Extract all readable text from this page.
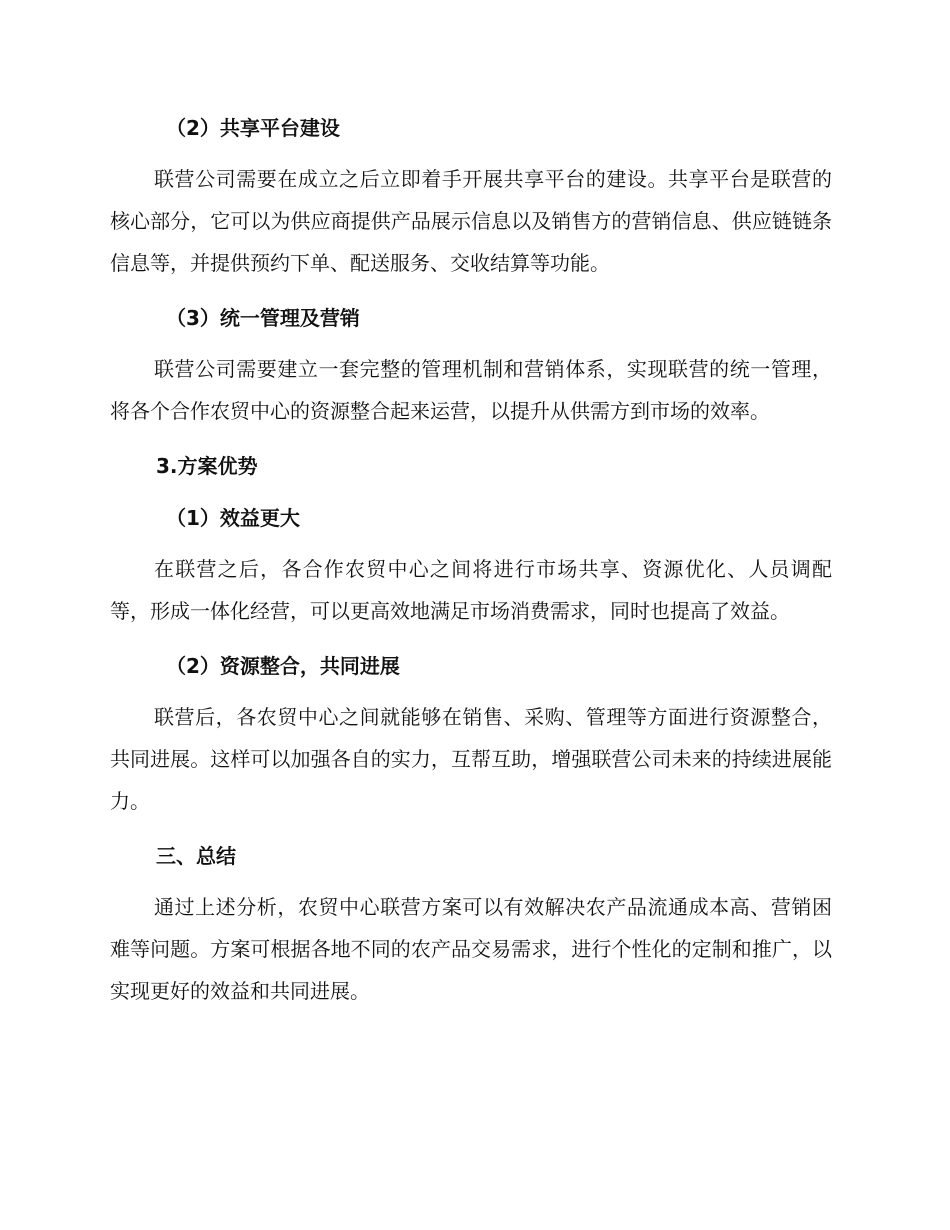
（2）共享平台建设

联营公司需要在成立之后立即着手开展共享平台的建设。共享平台是联营的核心部分，它可以为供应商提供产品展示信息以及销售方的营销信息、供应链链条信息等，并提供预约下单、配送服务、交收结算等功能。

（3）统一管理及营销

联营公司需要建立一套完整的管理机制和营销体系，实现联营的统一管理，将各个合作农贸中心的资源整合起来运营，以提升从供需方到市场的效率。

3.方案优势
（1）效益更大

在联营之后，各合作农贸中心之间将进行市场共享、资源优化、人员调配等，形成一体化经营，可以更高效地满足市场消费需求，同时也提高了效益。

（2）资源整合，共同进展

联营后，各农贸中心之间就能够在销售、采购、管理等方面进行资源整合，共同进展。这样可以加强各自的实力，互帮互助，增强联营公司未来的持续进展能力。

三、总结

通过上述分析，农贸中心联营方案可以有效解决农产品流通成本高、营销困难等问题。方案可根据各地不同的农产品交易需求，进行个性化的定制和推广，以实现更好的效益和共同进展。
